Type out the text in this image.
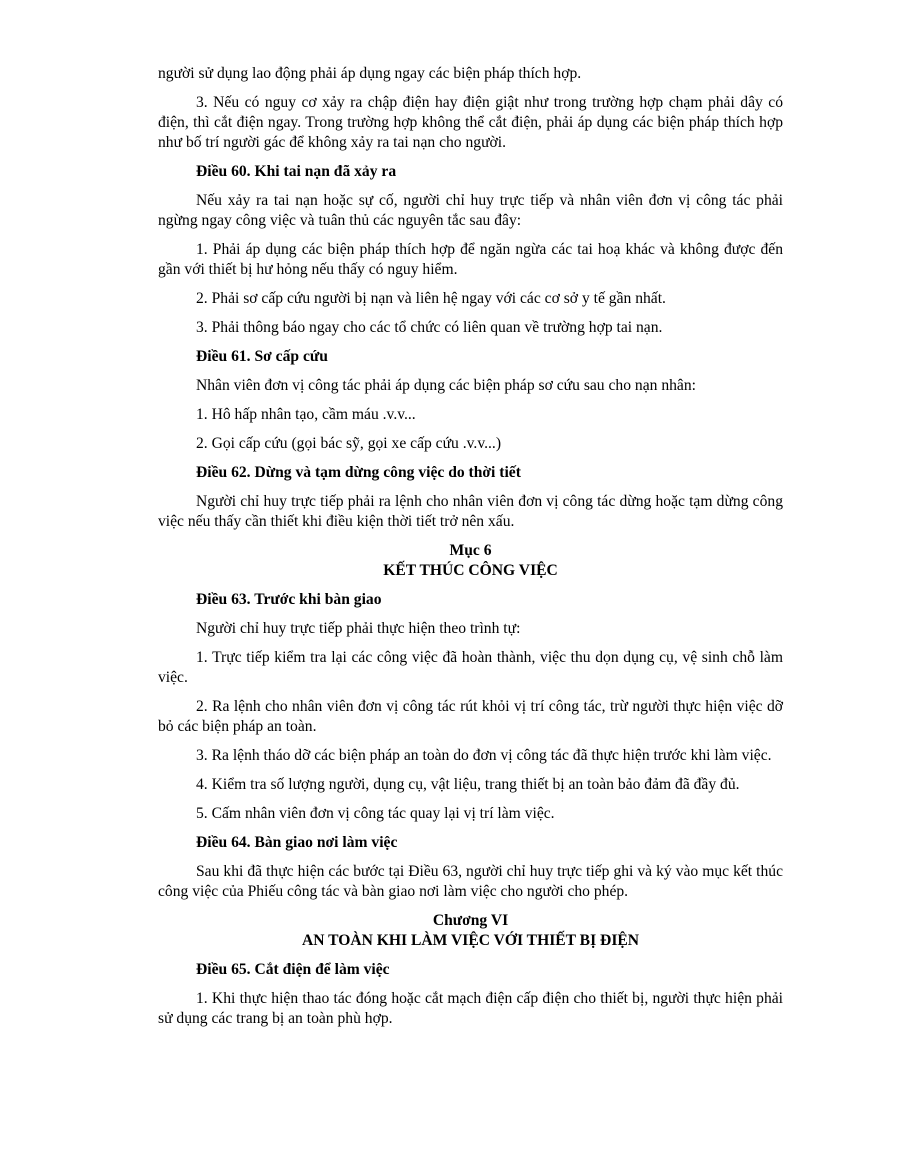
người sử dụng lao động phải áp dụng ngay các biện pháp thích hợp.

3. Nếu có nguy cơ xảy ra chập điện hay điện giật như trong trường hợp chạm phải dây có điện, thì cắt điện ngay. Trong trường hợp không thể cắt điện, phải áp dụng các biện pháp thích hợp như bố trí người gác để không xảy ra tai nạn cho người.

Điều 60. Khi tai nạn đã xảy ra

Nếu xảy ra tai nạn hoặc sự cố, người chỉ huy trực tiếp và nhân viên đơn vị công tác phải ngừng ngay công việc và tuân thủ các nguyên tắc sau đây:

1. Phải áp dụng các biện pháp thích hợp để ngăn ngừa các tai hoạ khác và không được đến gần với thiết bị hư hỏng nếu thấy có nguy hiểm.

2. Phải sơ cấp cứu người bị nạn và liên hệ ngay với các cơ sở y tế gần nhất.

3. Phải thông báo ngay cho các tổ chức có liên quan về trường hợp tai nạn.

Điều 61. Sơ cấp cứu

Nhân viên đơn vị công tác phải áp dụng các biện pháp sơ cứu sau cho nạn nhân:

1. Hô hấp nhân tạo, cầm máu .v.v...

2. Gọi cấp cứu (gọi bác sỹ, gọi xe cấp cứu .v.v...)

Điều 62. Dừng và tạm dừng công việc do thời tiết

Người chỉ huy trực tiếp phải ra lệnh cho nhân viên đơn vị công tác dừng hoặc tạm dừng công việc nếu thấy cần thiết khi điều kiện thời tiết trở nên xấu.

Mục 6

KẾT THÚC CÔNG VIỆC

Điều 63. Trước khi bàn giao

Người chỉ huy trực tiếp phải thực hiện theo trình tự:

1. Trực tiếp kiểm tra lại các công việc đã hoàn thành, việc thu dọn dụng cụ, vệ sinh chỗ làm việc.

2. Ra lệnh cho nhân viên đơn vị công tác rút khỏi vị trí công tác, trừ người thực hiện việc dỡ bỏ các biện pháp an toàn.

3. Ra lệnh tháo dỡ các biện pháp an toàn do đơn vị công tác đã thực hiện trước khi làm việc.

4. Kiểm tra số lượng người, dụng cụ, vật liệu, trang thiết bị an toàn bảo đảm đã đầy đủ.

5. Cấm nhân viên đơn vị công tác quay lại vị trí làm việc.

Điều 64. Bàn giao nơi làm việc

Sau khi đã thực hiện các bước tại Điều 63, người chỉ huy trực tiếp ghi và ký vào mục kết thúc công việc của Phiếu công tác và bàn giao nơi làm việc cho người cho phép.

Chương VI

AN TOÀN KHI LÀM VIỆC VỚI THIẾT BỊ ĐIỆN

Điều 65. Cắt điện để làm việc

1. Khi thực hiện thao tác đóng hoặc cắt mạch điện cấp điện cho thiết bị, người thực hiện phải sử dụng các trang bị an toàn phù hợp.
